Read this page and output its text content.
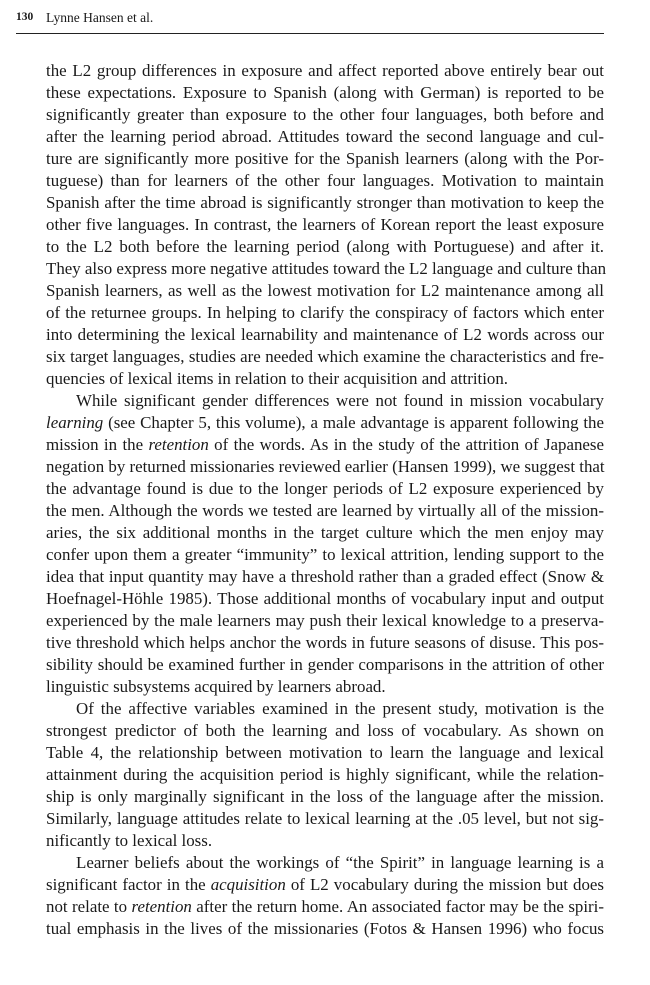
130 Lynne Hansen et al.
the L2 group differences in exposure and affect reported above entirely bear out
these expectations. Exposure to Spanish (along with German) is reported to be
significantly greater than exposure to the other four languages, both before and
after the learning period abroad. Attitudes toward the second language and cul-
ture are significantly more positive for the Spanish learners (along with the Por-
tuguese) than for learners of the other four languages. Motivation to maintain
Spanish after the time abroad is significantly stronger than motivation to keep the
other five languages. In contrast, the learners of Korean report the least exposure
to the L2 both before the learning period (along with Portuguese) and after it.
They also express more negative attitudes toward the L2 language and culture than
Spanish learners, as well as the lowest motivation for L2 maintenance among all
of the returnee groups. In helping to clarify the conspiracy of factors which enter
into determining the lexical learnability and maintenance of L2 words across our
six target languages, studies are needed which examine the characteristics and fre-
quencies of lexical items in relation to their acquisition and attrition.
While significant gender differences were not found in mission vocabulary
learning (see Chapter 5, this volume), a male advantage is apparent following the
mission in the retention of the words. As in the study of the attrition of Japanese
negation by returned missionaries reviewed earlier (Hansen 1999), we suggest that
the advantage found is due to the longer periods of L2 exposure experienced by
the men. Although the words we tested are learned by virtually all of the mission-
aries, the six additional months in the target culture which the men enjoy may
confer upon them a greater “immunity” to lexical attrition, lending support to the
idea that input quantity may have a threshold rather than a graded effect (Snow &
Hoefnagel-Höhle 1985). Those additional months of vocabulary input and output
experienced by the male learners may push their lexical knowledge to a preserva-
tive threshold which helps anchor the words in future seasons of disuse. This pos-
sibility should be examined further in gender comparisons in the attrition of other
linguistic subsystems acquired by learners abroad.
Of the affective variables examined in the present study, motivation is the
strongest predictor of both the learning and loss of vocabulary. As shown on
Table 4, the relationship between motivation to learn the language and lexical
attainment during the acquisition period is highly significant, while the relation-
ship is only marginally significant in the loss of the language after the mission.
Similarly, language attitudes relate to lexical learning at the .05 level, but not sig-
nificantly to lexical loss.
Learner beliefs about the workings of “the Spirit” in language learning is a
significant factor in the acquisition of L2 vocabulary during the mission but does
not relate to retention after the return home. An associated factor may be the spiri-
tual emphasis in the lives of the missionaries (Fotos & Hansen 1996) who focus
